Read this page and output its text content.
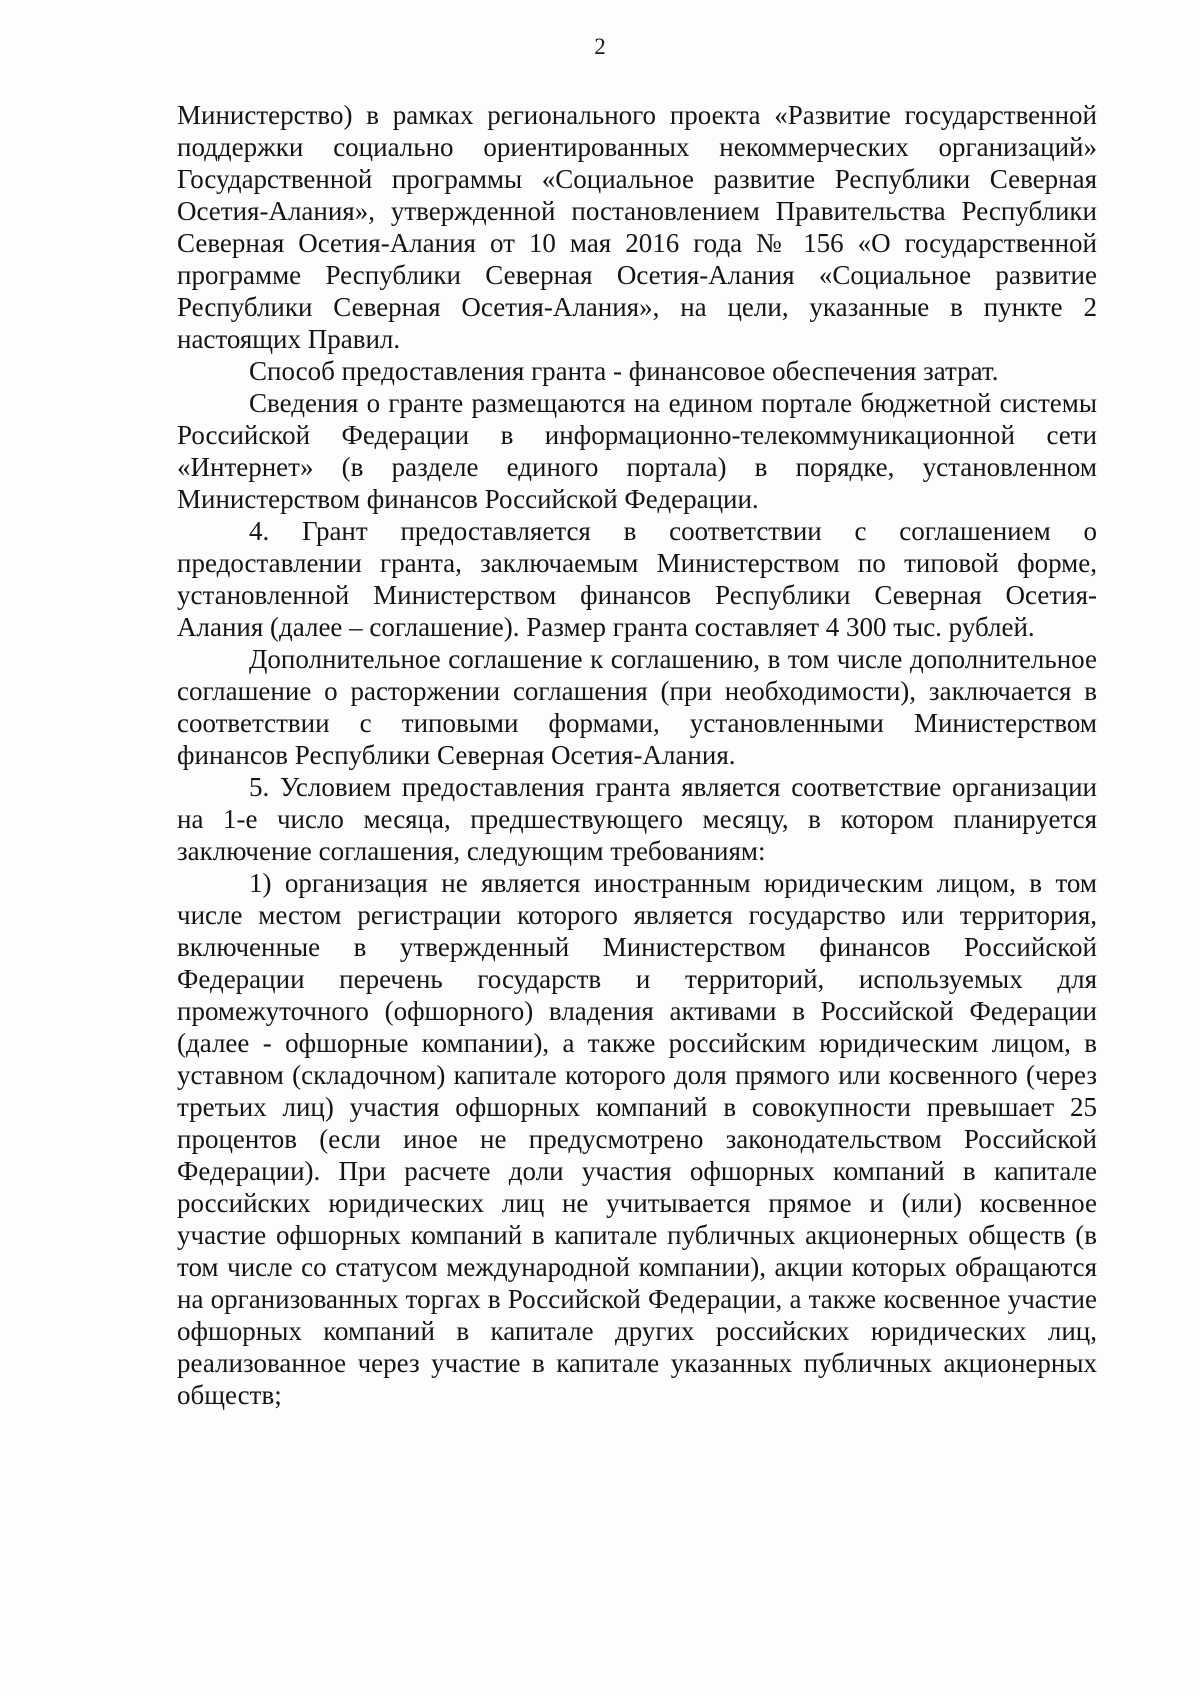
2

Министерство) в рамках регионального проекта «Развитие государственной поддержки социально ориентированных некоммерческих организаций» Государственной программы «Социальное развитие Республики Северная Осетия-Алания», утвержденной постановлением Правительства Республики Северная Осетия-Алания от 10 мая 2016 года № 156 «О государственной программе Республики Северная Осетия-Алания «Социальное развитие Республики Северная Осетия-Алания», на цели, указанные в пункте 2 настоящих Правил.

Способ предоставления гранта - финансовое обеспечения затрат.

Сведения о гранте размещаются на едином портале бюджетной системы Российской Федерации в информационно-телекоммуникационной сети «Интернет» (в разделе единого портала) в порядке, установленном Министерством финансов Российской Федерации.

4. Грант предоставляется в соответствии с соглашением о предоставлении гранта, заключаемым Министерством по типовой форме, установленной Министерством финансов Республики Северная Осетия-Алания (далее – соглашение). Размер гранта составляет 4 300 тыс. рублей.

Дополнительное соглашение к соглашению, в том числе дополнительное соглашение о расторжении соглашения (при необходимости), заключается в соответствии с типовыми формами, установленными Министерством финансов Республики Северная Осетия-Алания.

5. Условием предоставления гранта является соответствие организации на 1-е число месяца, предшествующего месяцу, в котором планируется заключение соглашения, следующим требованиям:

1) организация не является иностранным юридическим лицом, в том числе местом регистрации которого является государство или территория, включенные в утвержденный Министерством финансов Российской Федерации перечень государств и территорий, используемых для промежуточного (офшорного) владения активами в Российской Федерации (далее - офшорные компании), а также российским юридическим лицом, в уставном (складочном) капитале которого доля прямого или косвенного (через третьих лиц) участия офшорных компаний в совокупности превышает 25 процентов (если иное не предусмотрено законодательством Российской Федерации). При расчете доли участия офшорных компаний в капитале российских юридических лиц не учитывается прямое и (или) косвенное участие офшорных компаний в капитале публичных акционерных обществ (в том числе со статусом международной компании), акции которых обращаются на организованных торгах в Российской Федерации, а также косвенное участие офшорных компаний в капитале других российских юридических лиц, реализованное через участие в капитале указанных публичных акционерных обществ;
